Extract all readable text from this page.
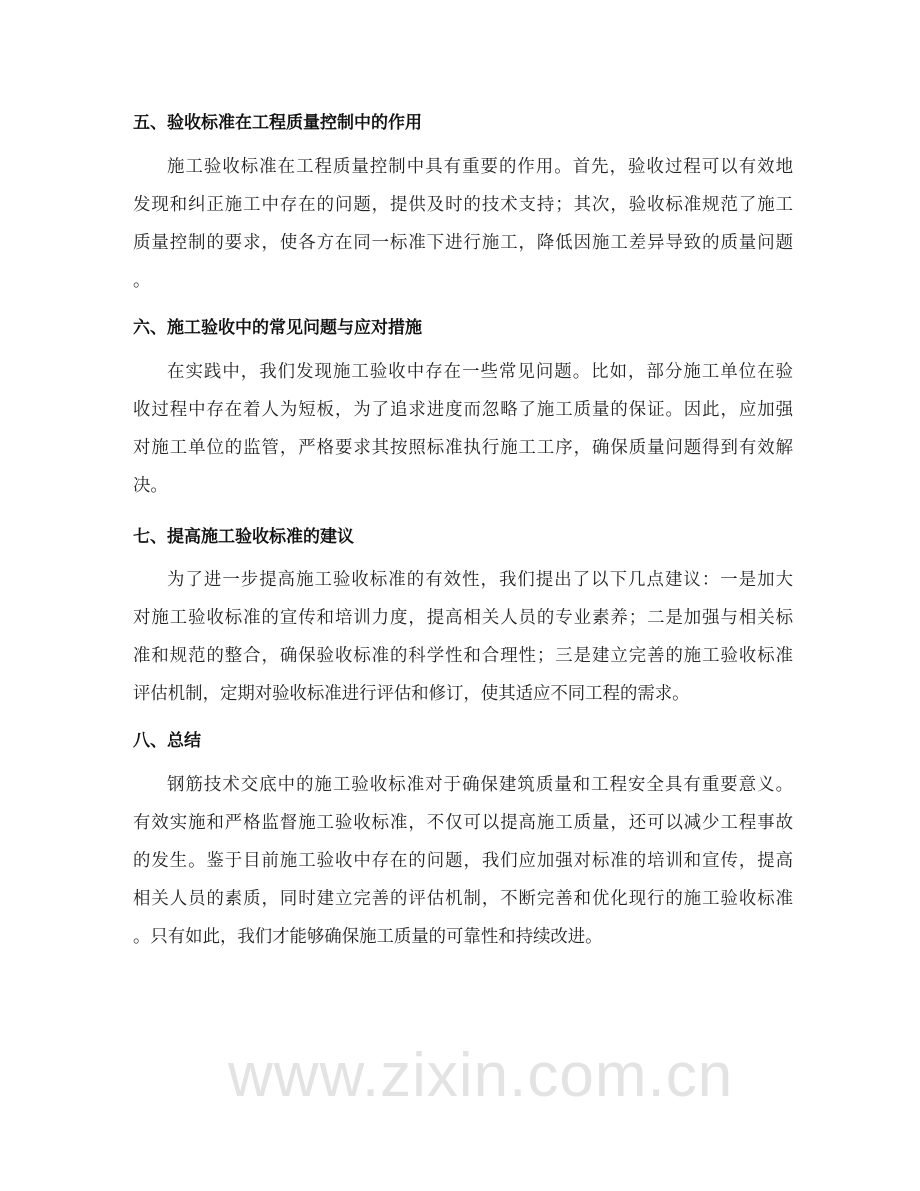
五、验收标准在工程质量控制中的作用
施工验收标准在工程质量控制中具有重要的作用。首先，验收过程可以有效地
发现和纠正施工中存在的问题，提供及时的技术支持；其次，验收标准规范了施工
质量控制的要求，使各方在同一标准下进行施工，降低因施工差异导致的质量问题
。
六、施工验收中的常见问题与应对措施
在实践中，我们发现施工验收中存在一些常见问题。比如，部分施工单位在验
收过程中存在着人为短板，为了追求进度而忽略了施工质量的保证。因此，应加强
对施工单位的监管，严格要求其按照标准执行施工工序，确保质量问题得到有效解
决。
七、提高施工验收标准的建议
为了进一步提高施工验收标准的有效性，我们提出了以下几点建议：一是加大
对施工验收标准的宣传和培训力度，提高相关人员的专业素养；二是加强与相关标
准和规范的整合，确保验收标准的科学性和合理性；三是建立完善的施工验收标准
评估机制，定期对验收标准进行评估和修订，使其适应不同工程的需求。
八、总结
钢筋技术交底中的施工验收标准对于确保建筑质量和工程安全具有重要意义。
有效实施和严格监督施工验收标准，不仅可以提高施工质量，还可以减少工程事故
的发生。鉴于目前施工验收中存在的问题，我们应加强对标准的培训和宣传，提高
相关人员的素质，同时建立完善的评估机制，不断完善和优化现行的施工验收标准
。只有如此，我们才能够确保施工质量的可靠性和持续改进。
www.zixin.com.cn
